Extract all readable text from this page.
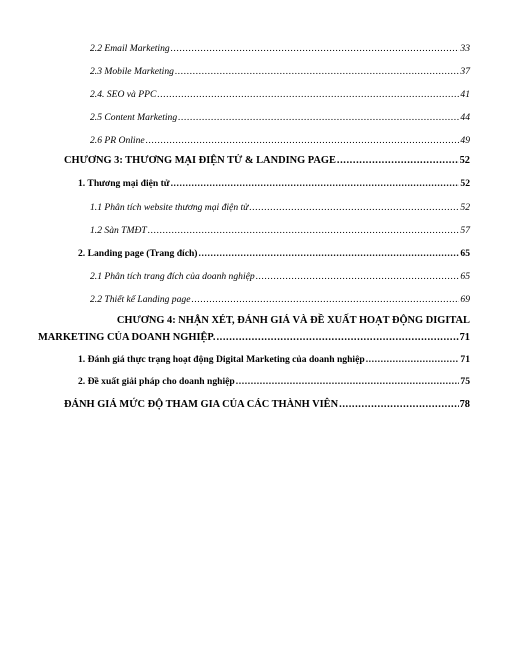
2.2 Email Marketing .....	33
2.3 Mobile Marketing .....	37
2.4. SEO và PPC .....	41
2.5 Content Marketing .....	44
2.6 PR Online .....	49
CHƯƠNG 3: THƯƠNG MẠI ĐIỆN TỬ & LANDING PAGE .....	52
1. Thương mại điện tử .....	52
1.1 Phân tích website thương mại điện tử .....	52
1.2 Sàn TMĐT .....	57
2. Landing page (Trang đích) .....	65
2.1 Phân tích trang đích của doanh nghiệp .....	65
2.2 Thiết kế Landing page .....	69
CHƯƠNG 4: NHẬN XÉT, ĐÁNH GIÁ VÀ ĐỀ XUẤT HOẠT ĐỘNG DIGITAL
MARKETING CỦA DOANH NGHIỆP. .....	71
1. Đánh giá thực trạng hoạt động Digital Marketing của doanh nghiệp .....	71
2. Đề xuất giải pháp cho doanh nghiệp .....	75
ĐÁNH GIÁ MỨC ĐỘ THAM GIA CỦA CÁC THÀNH VIÊN .....	78
